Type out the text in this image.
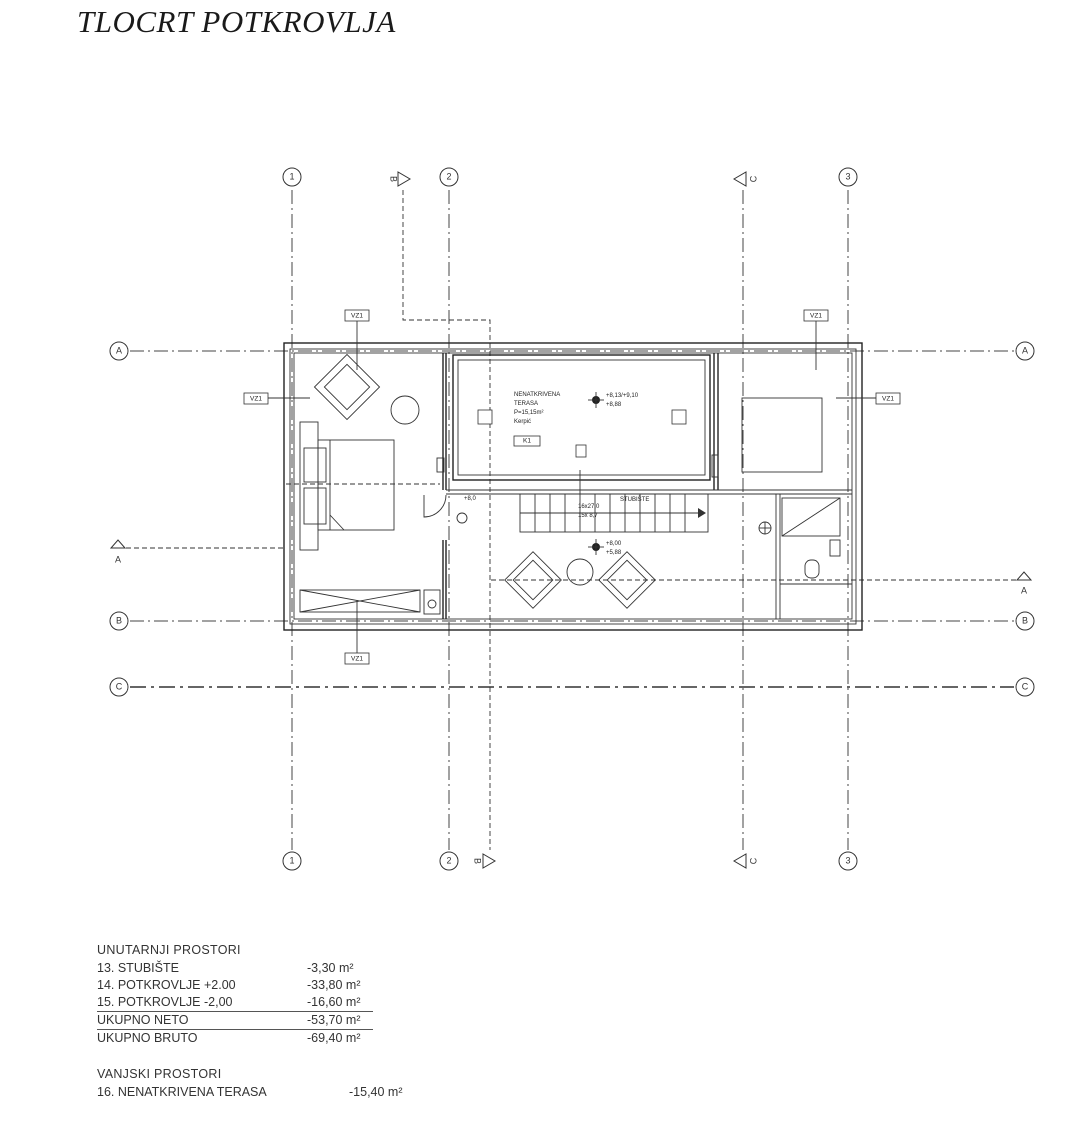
TLOCRT POTKROVLJA
1	2	3
1	2	3
A	A
B	B
C	C
B
B
C
C
A
A
NENATKRIVENA
TERASA
P=15,15m²
Kerpić
+8,13/+9,10
+8,88
K1
STUBIŠTE
16x27,0
15x 8,7
+8,00
+5,88
+8,0
VZ1
VZ1
VZ1
VZ1
VZ1
UNUTARNJI PROSTORI
13. STUBIŠTE	-3,30 m²
14. POTKROVLJE +2.00	-33,80 m²
15. POTKROVLJE -2,00	-16,60 m²
UKUPNO NETO	-53,70 m²
UKUPNO BRUTO	-69,40 m²
VANJSKI PROSTORI
16. NENATKRIVENA TERASA	-15,40 m²
